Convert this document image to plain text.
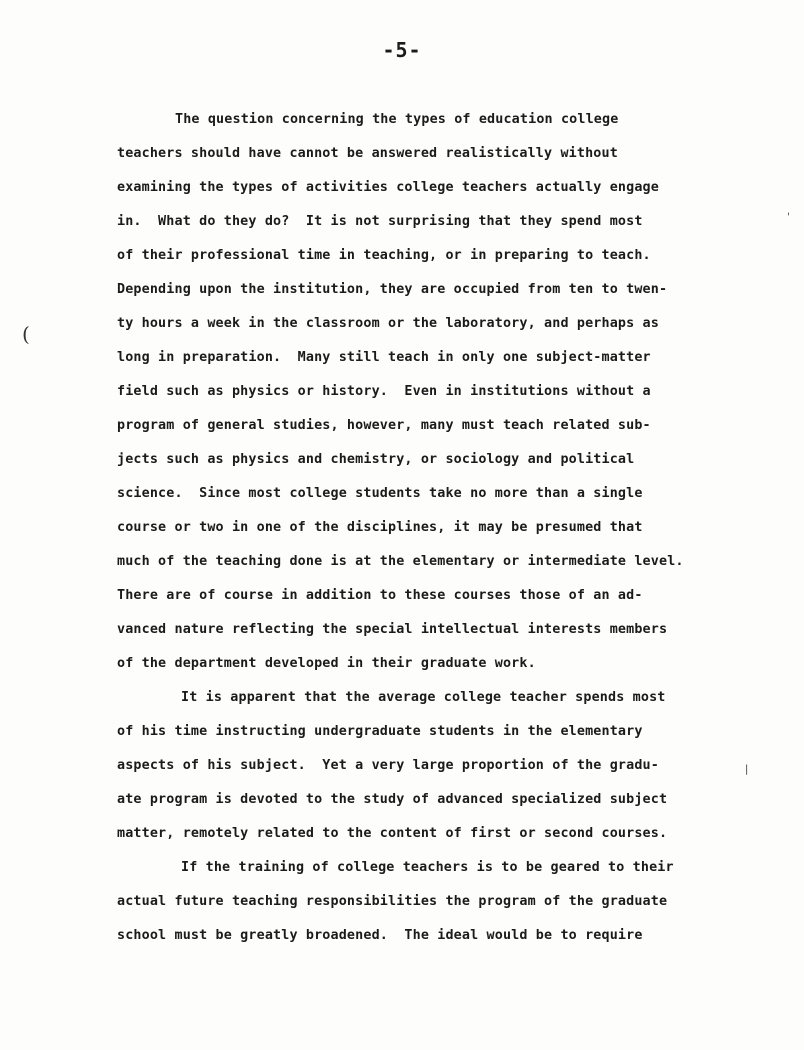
-5-
The question concerning the types of education college
teachers should have cannot be answered realistically without
examining the types of activities college teachers actually engage
in.  What do they do?  It is not surprising that they spend most
of their professional time in teaching, or in preparing to teach.
Depending upon the institution, they are occupied from ten to twen-
ty hours a week in the classroom or the laboratory, and perhaps as
long in preparation.  Many still teach in only one subject-matter
field such as physics or history.  Even in institutions without a
program of general studies, however, many must teach related sub-
jects such as physics and chemistry, or sociology and political
science.  Since most college students take no more than a single
course or two in one of the disciplines, it may be presumed that
much of the teaching done is at the elementary or intermediate level.
There are of course in addition to these courses those of an ad-
vanced nature reflecting the special intellectual interests members
of the department developed in their graduate work.
It is apparent that the average college teacher spends most
of his time instructing undergraduate students in the elementary
aspects of his subject.  Yet a very large proportion of the gradu-
ate program is devoted to the study of advanced specialized subject
matter, remotely related to the content of first or second courses.
If the training of college teachers is to be geared to their
actual future teaching responsibilities the program of the graduate
school must be greatly broadened.  The ideal would be to require
(
'
|
